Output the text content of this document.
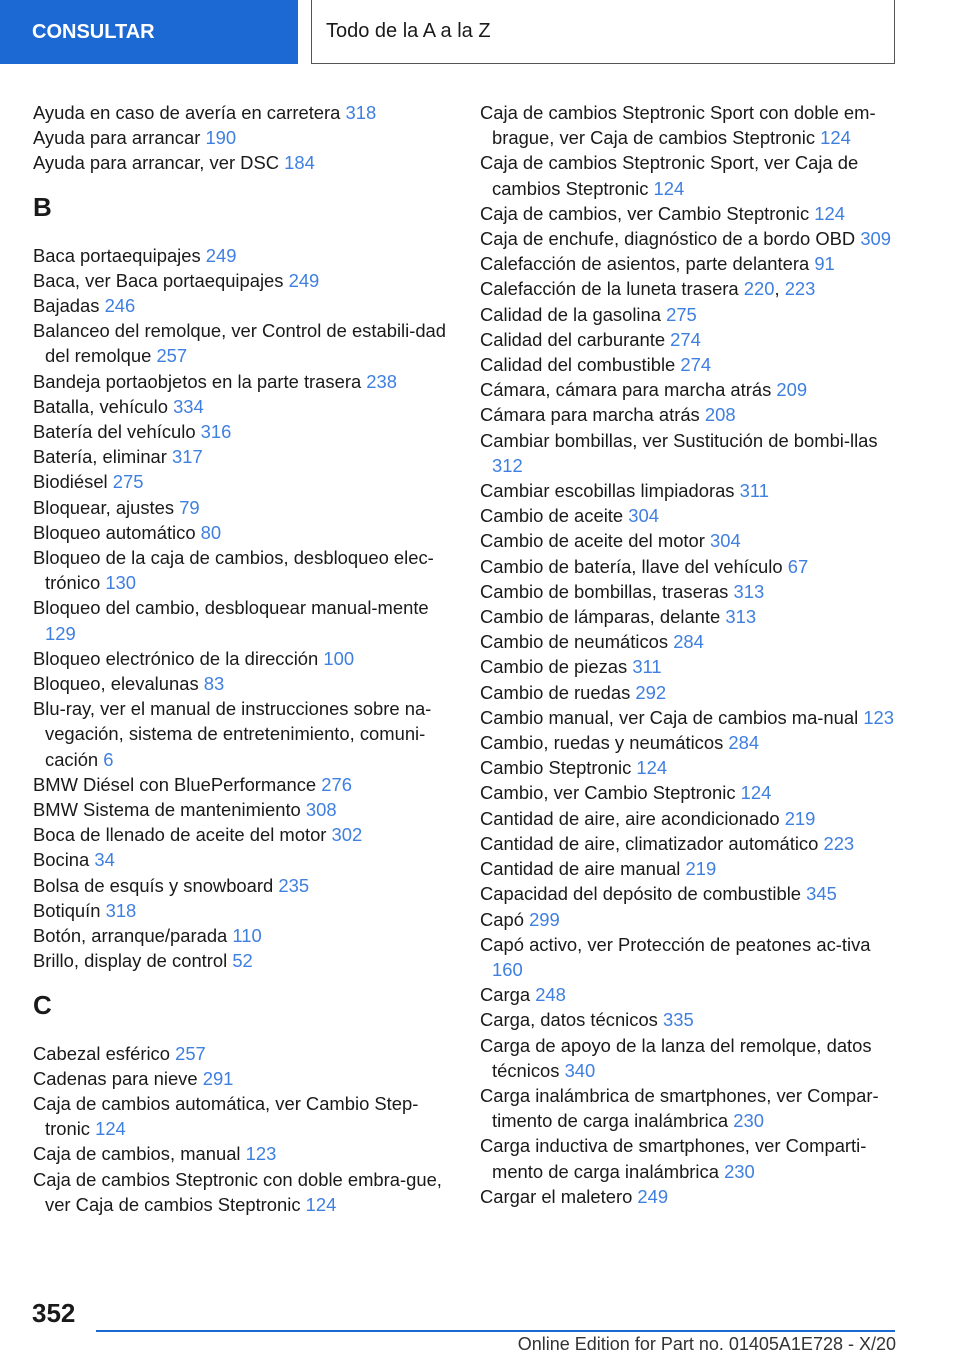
CONSULTAR	Todo de la A a la Z
Ayuda en caso de avería en carretera 318
Ayuda para arrancar 190
Ayuda para arrancar, ver DSC 184
B
Baca portaequipajes 249
Baca, ver Baca portaequipajes 249
Bajadas 246
Balanceo del remolque, ver Control de estabili‐dad del remolque 257
Bandeja portaobjetos en la parte trasera 238
Batalla, vehículo 334
Batería del vehículo 316
Batería, eliminar 317
Biodiésel 275
Bloquear, ajustes 79
Bloqueo automático 80
Bloqueo de la caja de cambios, desbloqueo elec‐trónico 130
Bloqueo del cambio, desbloquear manual‐mente 129
Bloqueo electrónico de la dirección 100
Bloqueo, elevalunas 83
Blu-ray, ver el manual de instrucciones sobre na‐vegación, sistema de entretenimiento, comuni‐cación 6
BMW Diésel con BluePerformance 276
BMW Sistema de mantenimiento 308
Boca de llenado de aceite del motor 302
Bocina 34
Bolsa de esquís y snowboard 235
Botiquín 318
Botón, arranque/parada 110
Brillo, display de control 52
C
Cabezal esférico 257
Cadenas para nieve 291
Caja de cambios automática, ver Cambio Step‐tronic 124
Caja de cambios, manual 123
Caja de cambios Steptronic con doble embra‐gue, ver Caja de cambios Steptronic 124
Caja de cambios Steptronic Sport con doble em‐brague, ver Caja de cambios Steptronic 124
Caja de cambios Steptronic Sport, ver Caja de cambios Steptronic 124
Caja de cambios, ver Cambio Steptronic 124
Caja de enchufe, diagnóstico de a bordo OBD 309
Calefacción de asientos, parte delantera 91
Calefacción de la luneta trasera 220, 223
Calidad de la gasolina 275
Calidad del carburante 274
Calidad del combustible 274
Cámara, cámara para marcha atrás 209
Cámara para marcha atrás 208
Cambiar bombillas, ver Sustitución de bombi‐llas 312
Cambiar escobillas limpiadoras 311
Cambio de aceite 304
Cambio de aceite del motor 304
Cambio de batería, llave del vehículo 67
Cambio de bombillas, traseras 313
Cambio de lámparas, delante 313
Cambio de neumáticos 284
Cambio de piezas 311
Cambio de ruedas 292
Cambio manual, ver Caja de cambios ma‐nual 123
Cambio, ruedas y neumáticos 284
Cambio Steptronic 124
Cambio, ver Cambio Steptronic 124
Cantidad de aire, aire acondicionado 219
Cantidad de aire, climatizador automático 223
Cantidad de aire manual 219
Capacidad del depósito de combustible 345
Capó 299
Capó activo, ver Protección de peatones ac‐tiva 160
Carga 248
Carga, datos técnicos 335
Carga de apoyo de la lanza del remolque, datos técnicos 340
Carga inalámbrica de smartphones, ver Compar‐timento de carga inalámbrica 230
Carga inductiva de smartphones, ver Comparti‐mento de carga inalámbrica 230
Cargar el maletero 249
352
Online Edition for Part no. 01405A1E728 - X/20
